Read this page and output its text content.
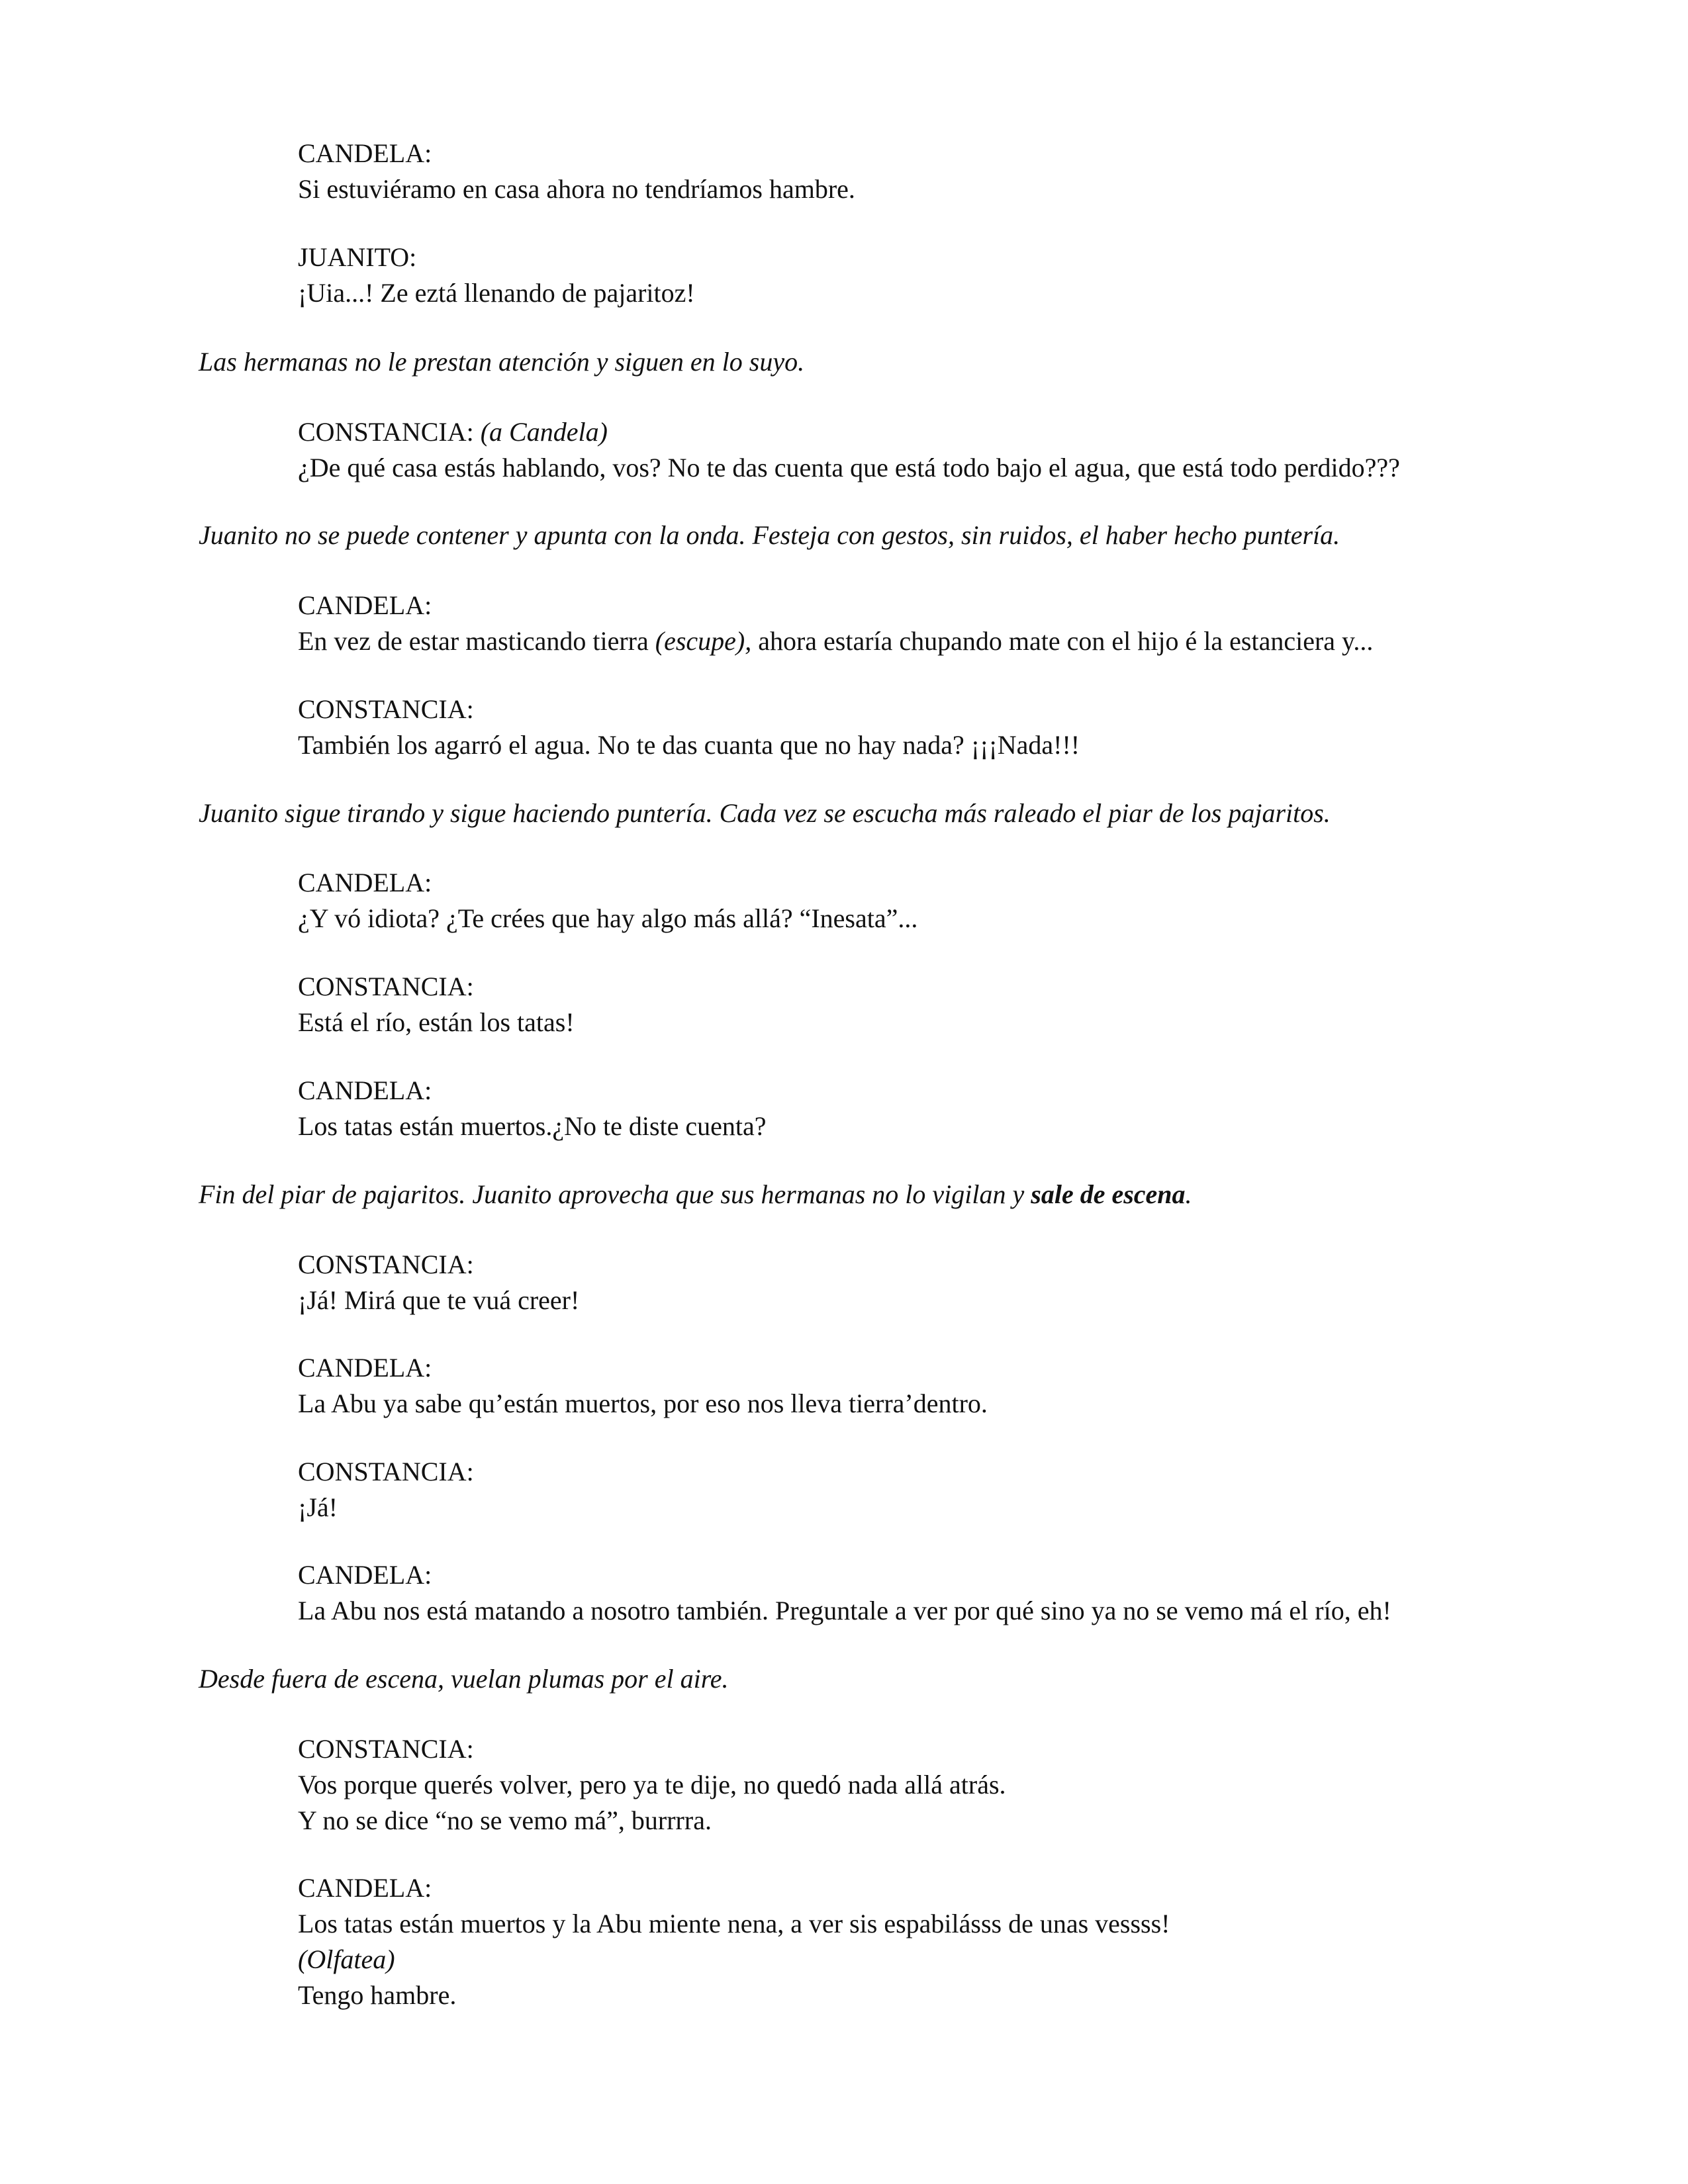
CANDELA:
Si estuviéramo en casa ahora no tendríamos hambre.
JUANITO:
¡Uia...! Ze eztá llenando de pajaritoz!
Las hermanas no le prestan atención y siguen en lo suyo.
CONSTANCIA: (a Candela)
¿De qué casa estás hablando, vos? No te das cuenta que está todo bajo el agua, que está todo perdido???
Juanito no se puede contener y apunta con la onda. Festeja con gestos, sin ruidos, el haber hecho puntería.
CANDELA:
En vez de estar masticando tierra (escupe), ahora estaría chupando mate con el hijo é la estanciera y...
CONSTANCIA:
También los agarró el agua. No te das cuanta que no hay nada? ¡¡¡Nada!!!
Juanito sigue tirando y sigue haciendo puntería. Cada vez se escucha más raleado el piar de los pajaritos.
CANDELA:
¿Y vó idiota? ¿Te crées que hay algo más allá? “Inesata”...
CONSTANCIA:
Está el río, están los tatas!
CANDELA:
Los tatas están muertos.¿No te diste cuenta?
Fin del piar de pajaritos. Juanito aprovecha que sus hermanas no lo vigilan y sale de escena.
CONSTANCIA:
¡Já! Mirá que te vuá creer!
CANDELA:
La Abu ya sabe qu’están muertos, por eso nos lleva tierra’dentro.
CONSTANCIA:
¡Já!
CANDELA:
La Abu nos está matando a nosotro también. Preguntale a ver por qué sino ya no se vemo má el río, eh!
Desde fuera de escena, vuelan plumas por el aire.
CONSTANCIA:
Vos porque querés volver, pero ya te dije, no quedó nada allá atrás.
Y no se dice “no se vemo má”, burrrra.
CANDELA:
Los tatas están muertos y la Abu miente nena, a ver sis espabilásss de unas vessss!
(Olfatea)
Tengo hambre.
